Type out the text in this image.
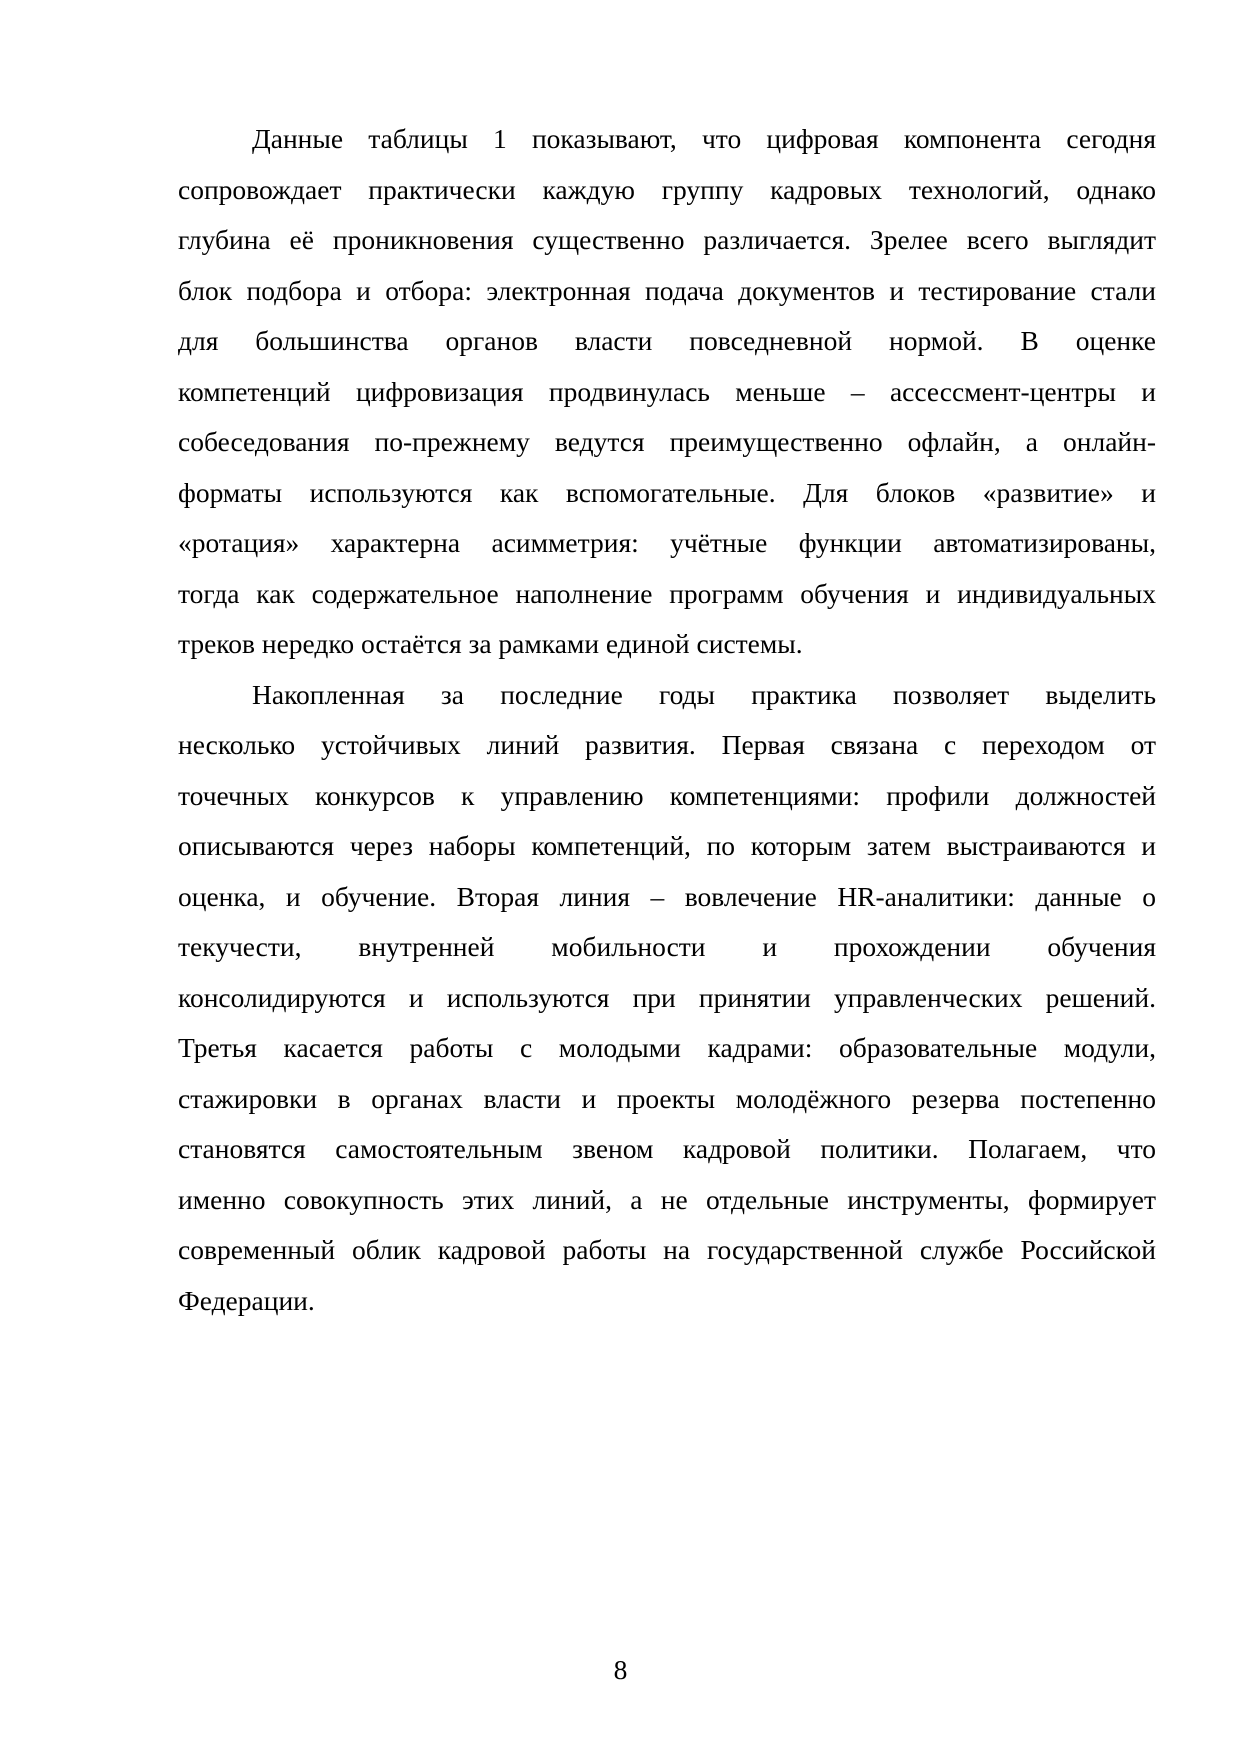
Данные таблицы 1 показывают, что цифровая компонента сегодня
сопровождает практически каждую группу кадровых технологий, однако
глубина её проникновения существенно различается. Зрелее всего выглядит
блок подбора и отбора: электронная подача документов и тестирование стали
для большинства органов власти повседневной нормой. В оценке
компетенций цифровизация продвинулась меньше – ассессмент-центры и
собеседования по-прежнему ведутся преимущественно офлайн, а онлайн-
форматы используются как вспомогательные. Для блоков «развитие» и
«ротация» характерна асимметрия: учётные функции автоматизированы,
тогда как содержательное наполнение программ обучения и индивидуальных
треков нередко остаётся за рамками единой системы.
Накопленная за последние годы практика позволяет выделить
несколько устойчивых линий развития. Первая связана с переходом от
точечных конкурсов к управлению компетенциями: профили должностей
описываются через наборы компетенций, по которым затем выстраиваются и
оценка, и обучение. Вторая линия – вовлечение HR-аналитики: данные о
текучести, внутренней мобильности и прохождении обучения
консолидируются и используются при принятии управленческих решений.
Третья касается работы с молодыми кадрами: образовательные модули,
стажировки в органах власти и проекты молодёжного резерва постепенно
становятся самостоятельным звеном кадровой политики. Полагаем, что
именно совокупность этих линий, а не отдельные инструменты, формирует
современный облик кадровой работы на государственной службе Российской
Федерации.
8
